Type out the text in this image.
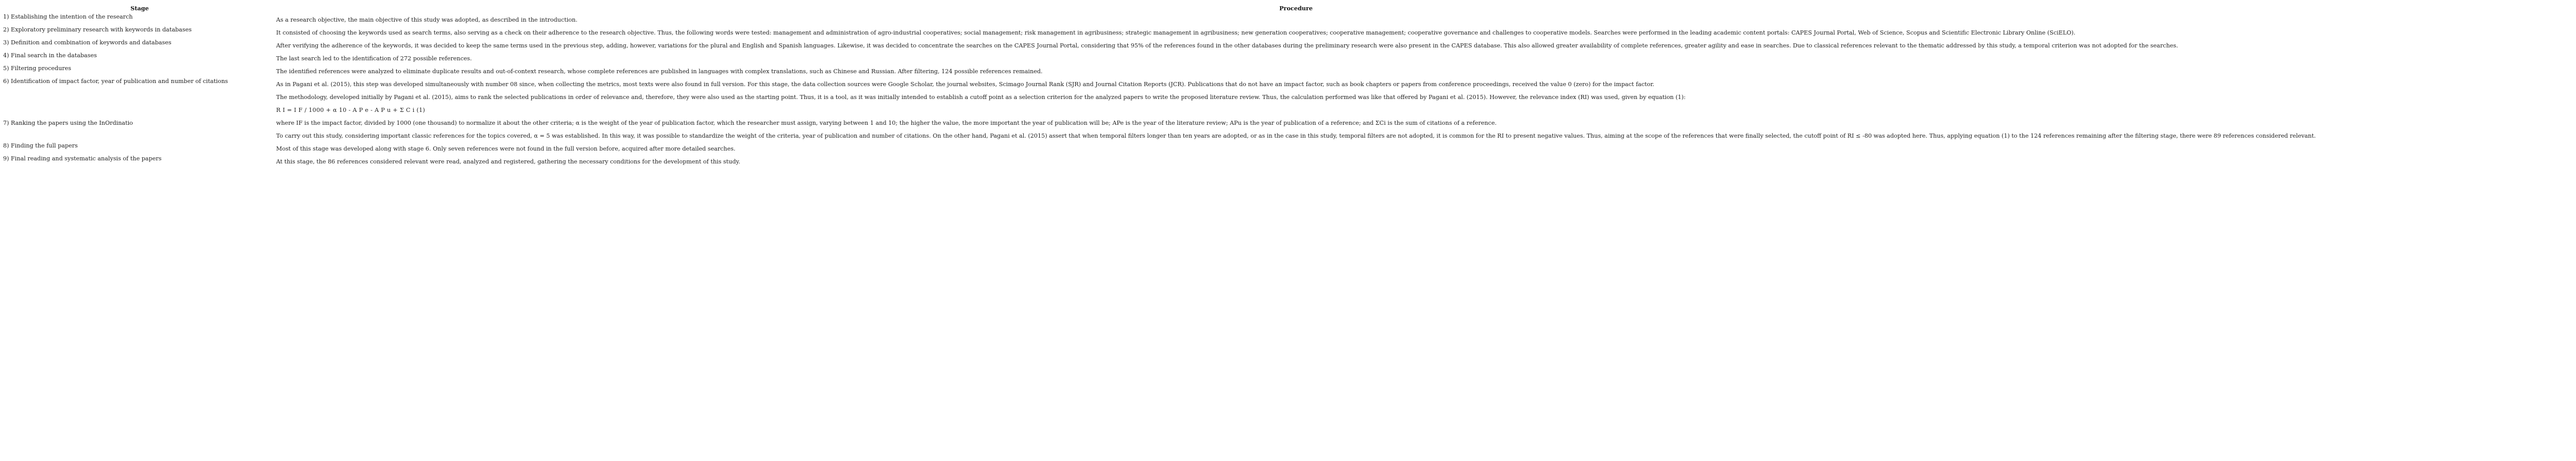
Stage	Procedure
1) Establishing the intention of the research	As a research objective, the main objective of this study was adopted, as described in the introduction.

2) Exploratory preliminary research with keywords in databases	It consisted of choosing the keywords used as search terms, also serving as a check on their adherence to the research objective. Thus, the following words were tested: management and administration of agro-industrial cooperatives; social management; risk management in agribusiness; strategic management in agribusiness; new generation cooperatives; cooperative management; cooperative governance and challenges to cooperative models. Searches were performed in the leading academic content portals: CAPES Journal Portal, Web of Science, Scopus and Scientific Electronic Library Online (SciELO).

3) Definition and combination of keywords and databases	After verifying the adherence of the keywords, it was decided to keep the same terms used in the previous step, adding, however, variations for the plural and English and Spanish languages. Likewise, it was decided to concentrate the searches on the CAPES Journal Portal, considering that 95% of the references found in the other databases during the preliminary research were also present in the CAPES database. This also allowed greater availability of complete references, greater agility and ease in searches. Due to classical references relevant to the thematic addressed by this study, a temporal criterion was not adopted for the searches.

4) Final search in the databases	The last search led to the identification of 272 possible references.

5) Filtering procedures	The identified references were analyzed to eliminate duplicate results and out-of-context research, whose complete references are published in languages with complex translations, such as Chinese and Russian. After filtering, 124 possible references remained.

6) Identification of impact factor, year of publication and number of citations	As in Pagani et al. (2015), this step was developed simultaneously with number 08 since, when collecting the metrics, most texts were also found in full version. For this stage, the data collection sources were Google Scholar, the journal websites, Scimago Journal Rank (SJR) and Journal Citation Reports (JCR). Publications that do not have an impact factor, such as book chapters or papers from conference proceedings, received the value 0 (zero) for the impact factor.

7) Ranking the papers using the InOrdinatio	The methodology, developed initially by Pagani et al. (2015), aims to rank the selected publications in order of relevance and, therefore, they were also used as the starting point. Thus, it is a tool, as it was initially intended to establish a cutoff point as a selection criterion for the analyzed papers to write the proposed literature review. Thus, the calculation performed was like that offered by Pagani et al. (2015). However, the relevance index (RI) was used, given by equation (1):
R I = I F / 1000 + α 10 - A P e - A P u + Σ C i (1)
where IF is the impact factor, divided by 1000 (one thousand) to normalize it about the other criteria; α is the weight of the year of publication factor, which the researcher must assign, varying between 1 and 10; the higher the value, the more important the year of publication will be; APe is the year of the literature review; APu is the year of publication of a reference; and ΣCi is the sum of citations of a reference.
To carry out this study, considering important classic references for the topics covered, α = 5 was established. In this way, it was possible to standardize the weight of the criteria, year of publication and number of citations. On the other hand, Pagani et al. (2015) assert that when temporal filters longer than ten years are adopted, or as in the case in this study, temporal filters are not adopted, it is common for the RI to present negative values. Thus, aiming at the scope of the references that were finally selected, the cutoff point of RI ≤ -80 was adopted here. Thus, applying equation (1) to the 124 references remaining after the filtering stage, there were 89 references considered relevant.

8) Finding the full papers	Most of this stage was developed along with stage 6. Only seven references were not found in the full version before, acquired after more detailed searches.

9) Final reading and systematic analysis of the papers	At this stage, the 86 references considered relevant were read, analyzed and registered, gathering the necessary conditions for the development of this study.
